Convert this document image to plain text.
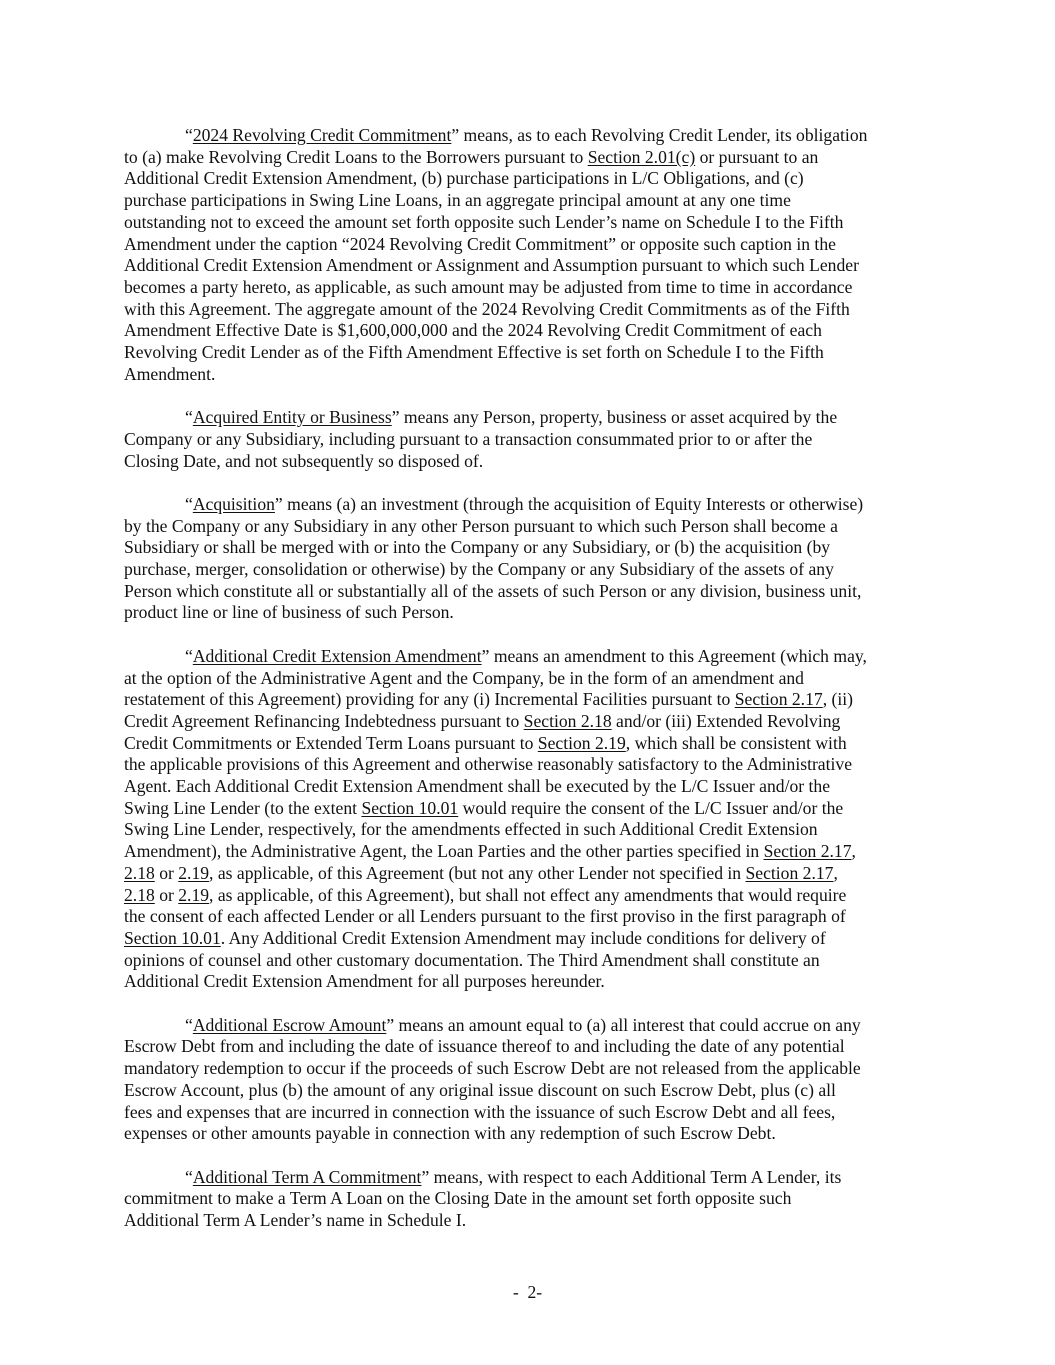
“2024 Revolving Credit Commitment” means, as to each Revolving Credit Lender, its obligation
to (a) make Revolving Credit Loans to the Borrowers pursuant to Section 2.01(c) or pursuant to an
Additional Credit Extension Amendment, (b) purchase participations in L/C Obligations, and (c)
purchase participations in Swing Line Loans, in an aggregate principal amount at any one time
outstanding not to exceed the amount set forth opposite such Lender’s name on Schedule I to the Fifth
Amendment under the caption “2024 Revolving Credit Commitment” or opposite such caption in the
Additional Credit Extension Amendment or Assignment and Assumption pursuant to which such Lender
becomes a party hereto, as applicable, as such amount may be adjusted from time to time in accordance
with this Agreement. The aggregate amount of the 2024 Revolving Credit Commitments as of the Fifth
Amendment Effective Date is $1,600,000,000 and the 2024 Revolving Credit Commitment of each
Revolving Credit Lender as of the Fifth Amendment Effective is set forth on Schedule I to the Fifth
Amendment.

“Acquired Entity or Business” means any Person, property, business or asset acquired by the
Company or any Subsidiary, including pursuant to a transaction consummated prior to or after the
Closing Date, and not subsequently so disposed of.

“Acquisition” means (a) an investment (through the acquisition of Equity Interests or otherwise)
by the Company or any Subsidiary in any other Person pursuant to which such Person shall become a
Subsidiary or shall be merged with or into the Company or any Subsidiary, or (b) the acquisition (by
purchase, merger, consolidation or otherwise) by the Company or any Subsidiary of the assets of any
Person which constitute all or substantially all of the assets of such Person or any division, business unit,
product line or line of business of such Person.

“Additional Credit Extension Amendment” means an amendment to this Agreement (which may,
at the option of the Administrative Agent and the Company, be in the form of an amendment and
restatement of this Agreement) providing for any (i) Incremental Facilities pursuant to Section 2.17, (ii)
Credit Agreement Refinancing Indebtedness pursuant to Section 2.18 and/or (iii) Extended Revolving
Credit Commitments or Extended Term Loans pursuant to Section 2.19, which shall be consistent with
the applicable provisions of this Agreement and otherwise reasonably satisfactory to the Administrative
Agent. Each Additional Credit Extension Amendment shall be executed by the L/C Issuer and/or the
Swing Line Lender (to the extent Section 10.01 would require the consent of the L/C Issuer and/or the
Swing Line Lender, respectively, for the amendments effected in such Additional Credit Extension
Amendment), the Administrative Agent, the Loan Parties and the other parties specified in Section 2.17,
2.18 or 2.19, as applicable, of this Agreement (but not any other Lender not specified in Section 2.17,
2.18 or 2.19, as applicable, of this Agreement), but shall not effect any amendments that would require
the consent of each affected Lender or all Lenders pursuant to the first proviso in the first paragraph of
Section 10.01. Any Additional Credit Extension Amendment may include conditions for delivery of
opinions of counsel and other customary documentation. The Third Amendment shall constitute an
Additional Credit Extension Amendment for all purposes hereunder.

“Additional Escrow Amount” means an amount equal to (a) all interest that could accrue on any
Escrow Debt from and including the date of issuance thereof to and including the date of any potential
mandatory redemption to occur if the proceeds of such Escrow Debt are not released from the applicable
Escrow Account, plus (b) the amount of any original issue discount on such Escrow Debt, plus (c) all
fees and expenses that are incurred in connection with the issuance of such Escrow Debt and all fees,
expenses or other amounts payable in connection with any redemption of such Escrow Debt.

“Additional Term A Commitment” means, with respect to each Additional Term A Lender, its
commitment to make a Term A Loan on the Closing Date in the amount set forth opposite such
Additional Term A Lender’s name in Schedule I.

-  2-
